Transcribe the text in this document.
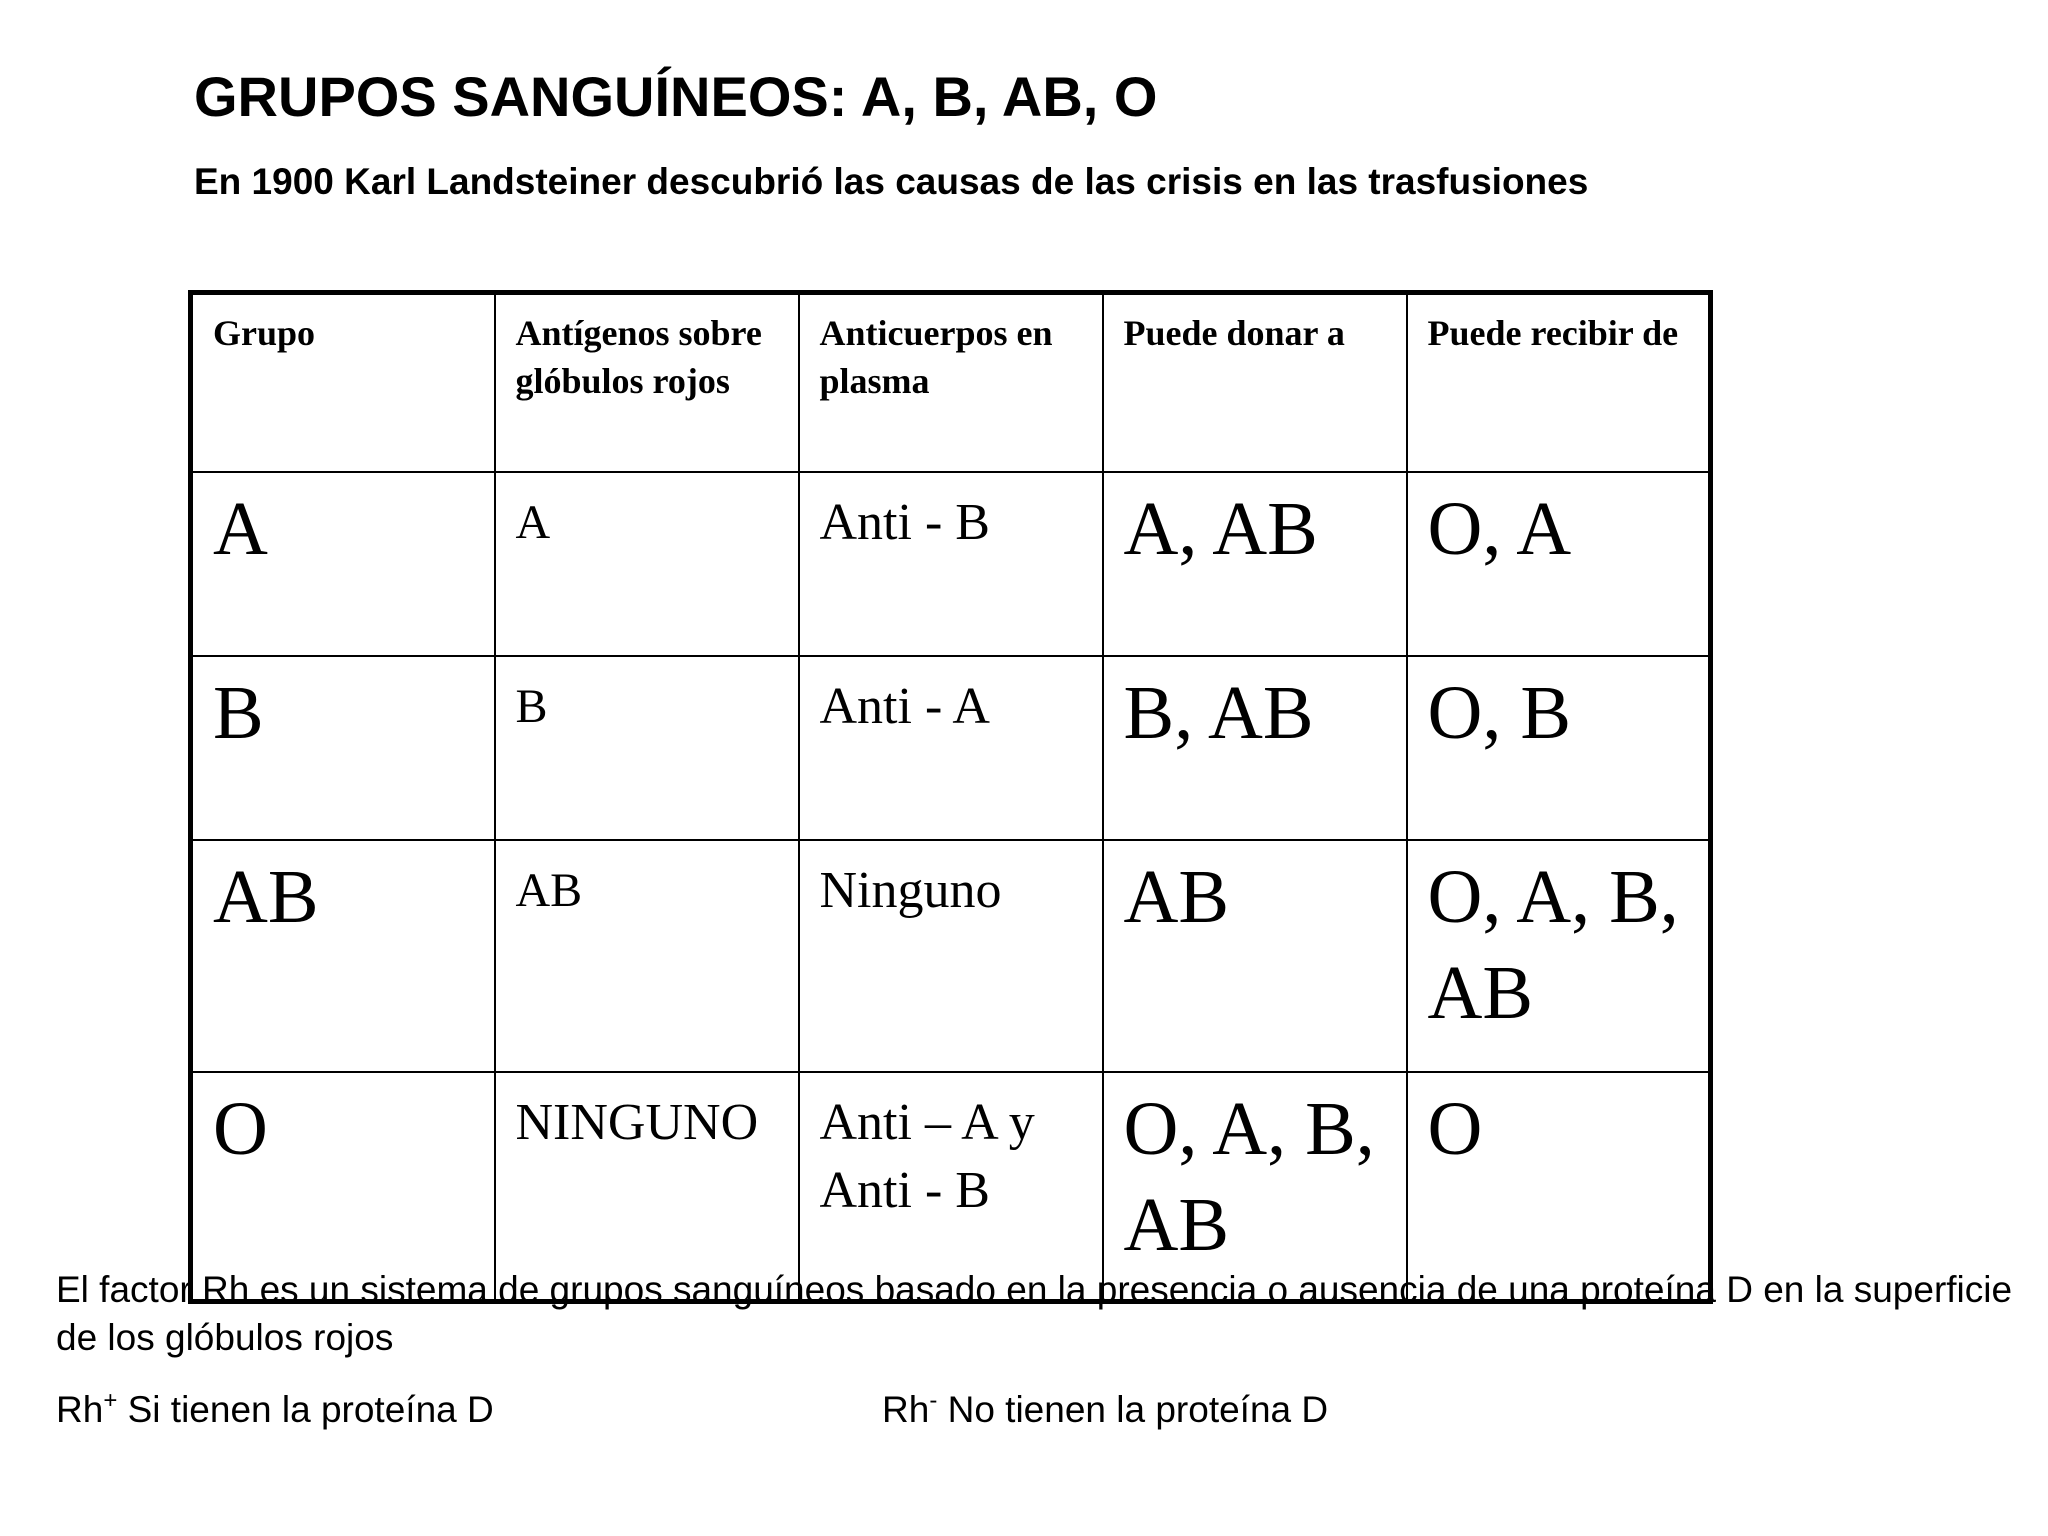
GRUPOS SANGUÍNEOS: A, B, AB, O

En 1900 Karl Landsteiner descubrió las causas de las crisis en las trasfusiones

Grupo	Antígenos sobre glóbulos rojos	Anticuerpos en plasma	Puede donar a	Puede recibir de
A	A	Anti - B	A, AB	O, A
B	B	Anti - A	B, AB	O, B
AB	AB	Ninguno	AB	O, A, B, AB
O	NINGUNO	Anti – A y Anti - B	O, A, B, AB	O

El factor Rh es un sistema de grupos sanguíneos basado en la presencia o ausencia de una proteína D en la superficie de los glóbulos rojos

Rh+ Si tienen la proteína D	Rh- No tienen la proteína D
